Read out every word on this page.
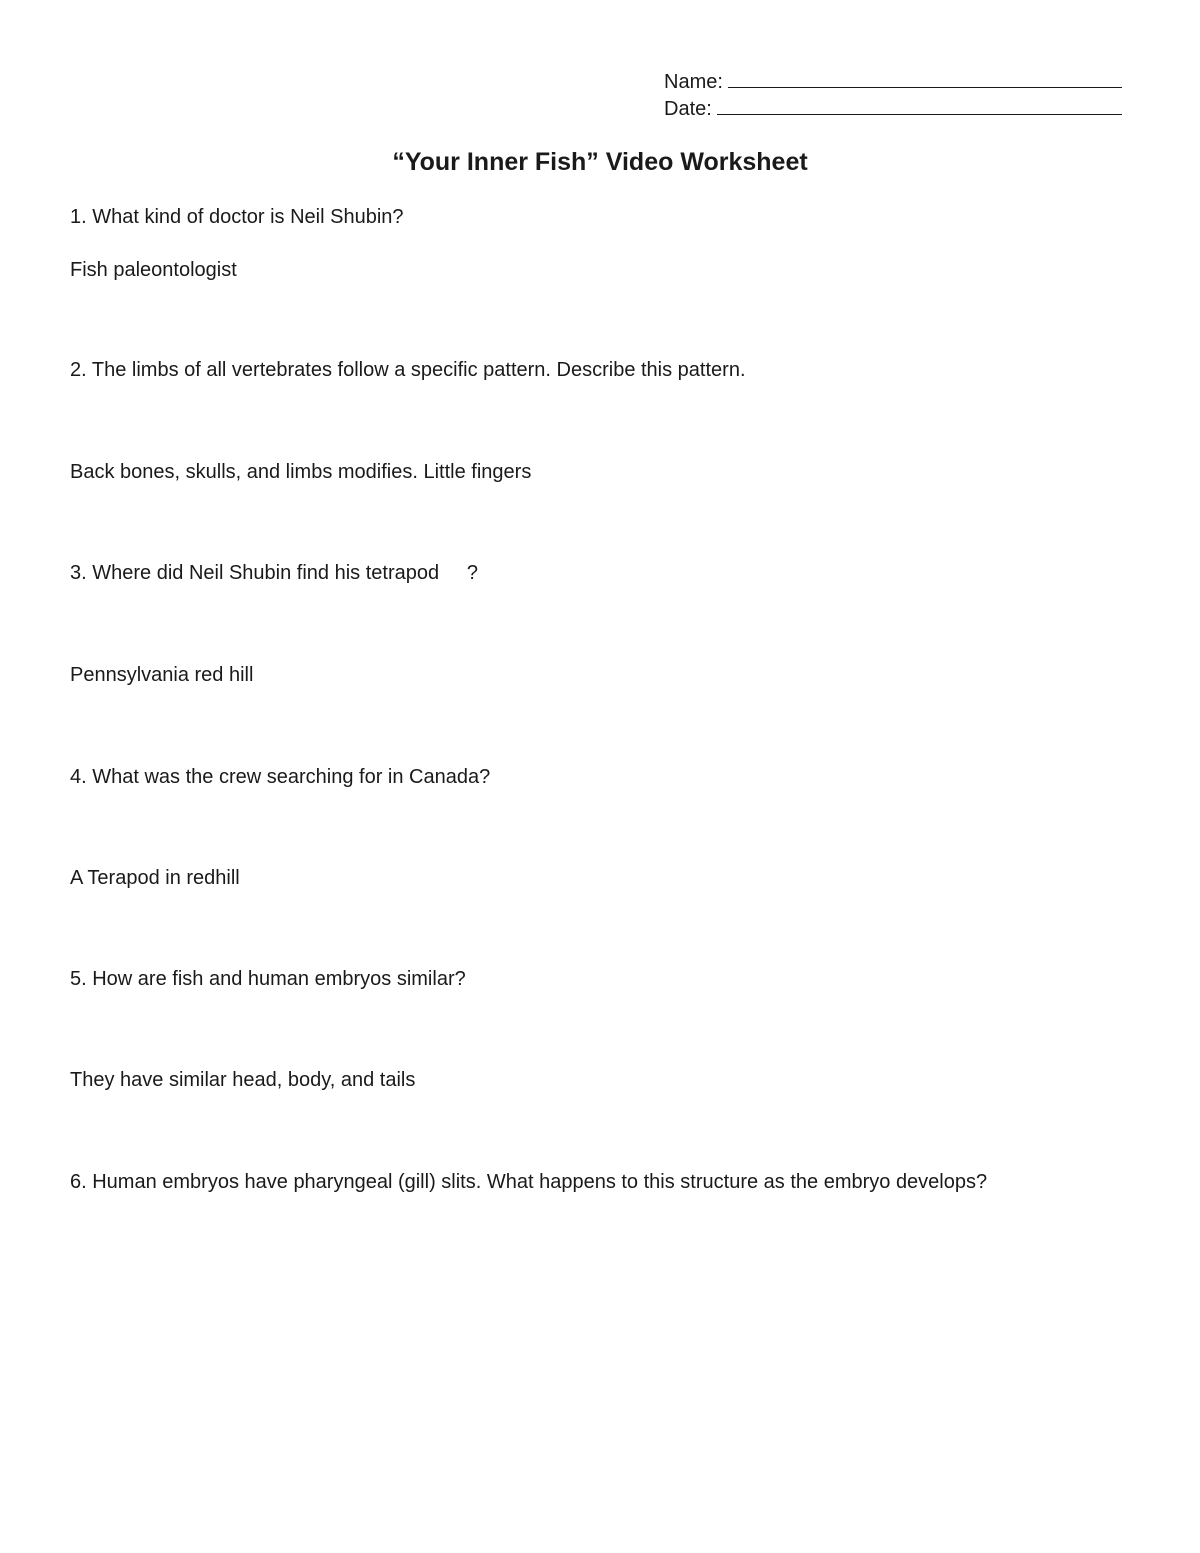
Name:
Date:
“Your Inner Fish” Video Worksheet
1. What kind of doctor is Neil Shubin?
Fish paleontologist
2. The limbs of all vertebrates follow a specific pattern. Describe this pattern.
Back bones, skulls, and limbs modifies. Little fingers
3. Where did Neil Shubin find his tetrapod     ?
Pennsylvania red hill
4. What was the crew searching for in Canada?
A Terapod in redhill
5. How are fish and human embryos similar?
They have similar head, body, and tails
6. Human embryos have pharyngeal (gill) slits. What happens to this structure as the embryo develops?
